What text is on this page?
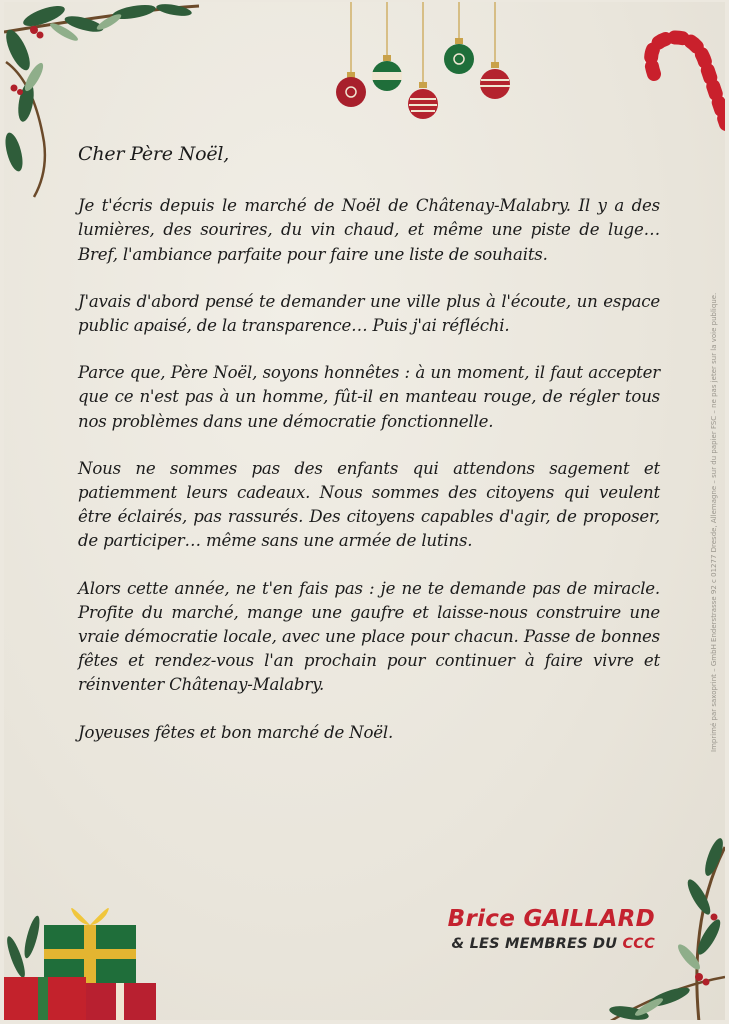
Cher Père Noël,

Je t'écris depuis le marché de Noël de Châtenay-Malabry. Il y a des lumières, des sourires, du vin chaud, et même une piste de luge… Bref, l'ambiance parfaite pour faire une liste de souhaits.

J'avais d'abord pensé te demander une ville plus à l'écoute, un espace public apaisé, de la transparence… Puis j'ai réfléchi.

Parce que, Père Noël, soyons honnêtes : à un moment, il faut accepter que ce n'est pas à un homme, fût-il en manteau rouge, de régler tous nos problèmes dans une démocratie fonctionnelle.

Nous ne sommes pas des enfants qui attendons sagement et patiemment leurs cadeaux. Nous sommes des citoyens qui veulent être éclairés, pas rassurés. Des citoyens capables d'agir, de proposer, de participer… même sans une armée de lutins.

Alors cette année, ne t'en fais pas : je ne te demande pas de miracle. Profite du marché, mange une gaufre et laisse-nous construire une vraie démocratie locale, avec une place pour chacun. Passe de bonnes fêtes et rendez-vous l'an prochain pour continuer à faire vivre et réinventer Châtenay-Malabry.

Joyeuses fêtes et bon marché de Noël.

Brice GAILLARD
& LES MEMBRES DU CCC
Imprimé par saxoprint – GmbH Enderstrasse 92 c 01277 Dresde, Allemagne – sur du papier FSC – ne pas jeter sur la voie publique.
